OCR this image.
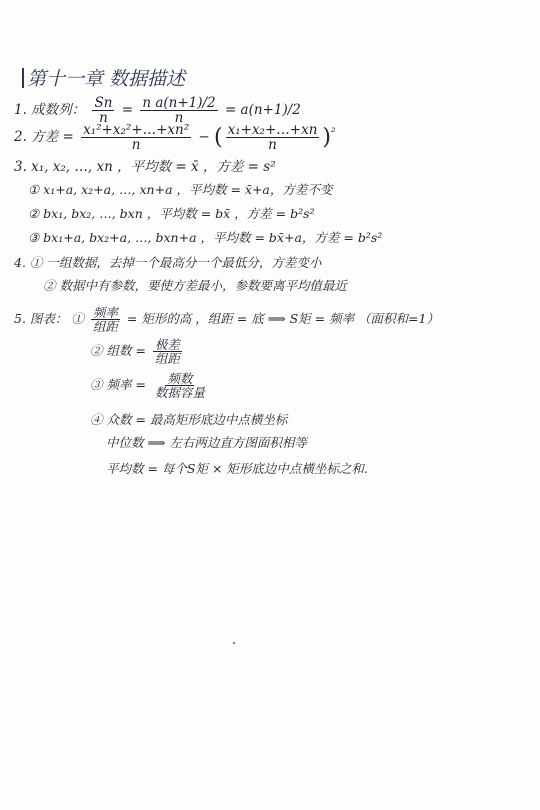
第十一章 数据描述
1. 成数列： $\frac{Sn}{n} = \frac{\text{n a(n+1)/2}}{n} = a(n+1)/2$
2. 方差 = $\frac{\text{x₁²+x₂²+…+xn²}}{n}$ − ( $\frac{\text{x₁+x₂+…+xn}}{n} )^{^2}$
3. x₁, x₂, …, xn ，平均数 = x̄ ，方差 = s²
① x₁+a, x₂+a, …, xn+a ，平均数 = x̄+a，方差不变
② bx₁, bx₂, …, bxn ，平均数 = bx̄ ，方差 = b²s²
③ bx₁+a, bx₂+a, …, bxn+a ，平均数 = bx̄+a，方差 = b²s²
4. ① 一组数据，去掉一个最高分一个最低分，方差变小
② 数据中有参数，要使方差最小，参数要离平均值最近
5. 图表： ① $\frac{\text{频率}}{\text{组距}}$ = 矩形的高 ，组距 = 底 ⟹ S矩 = 频率 （面积和=1）
② 组数 = $\frac{\text{极差}}{\text{组距}}$
③ 频率 = $\frac{\text{频数}}{\text{数据容量}}$
④ 众数 = 最高矩形底边中点横坐标
中位数 ⟹ 左右两边直方图面积相等
平均数 = 每个S矩 × 矩形底边中点横坐标之和.
